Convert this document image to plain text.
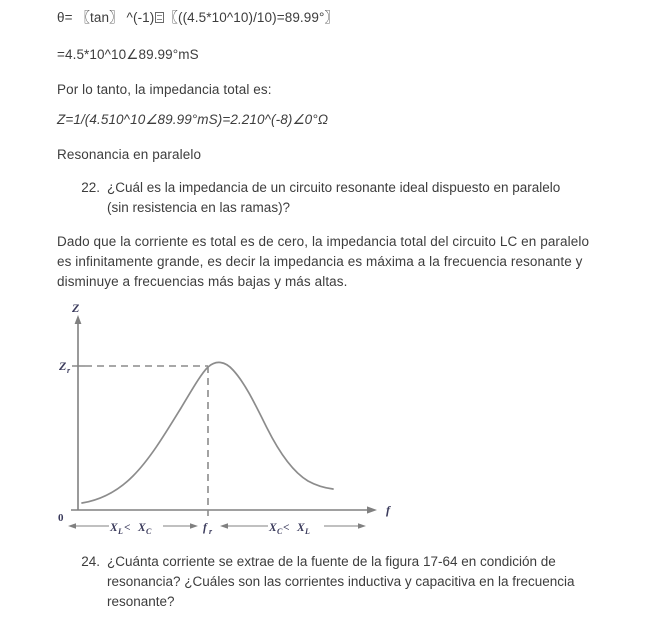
θ= 〖tan〗 ^(-1) 〖((4.5*10^10)/10)=89.99°〗
=4.5*10^10∠89.99°mS
Por lo tanto, la impedancia total es:
Z=1/(4.510^10∠89.99°mS)=2.210^(-8)∠0°Ω
Resonancia en paralelo
22. ¿Cuál es la impedancia de un circuito resonante ideal dispuesto en paralelo (sin resistencia en las ramas)?
Dado que la corriente es total es de cero, la impedancia total del circuito LC en paralelo es infinitamente grande, es decir la impedancia es máxima a la frecuencia resonante y disminuye a frecuencias más bajas y más altas.
Z
Z r
f
0
X L < X C	f r	X C < X L
24. ¿Cuánta corriente se extrae de la fuente de la figura 17-64 en condición de resonancia? ¿Cuáles son las corrientes inductiva y capacitiva en la frecuencia resonante?
